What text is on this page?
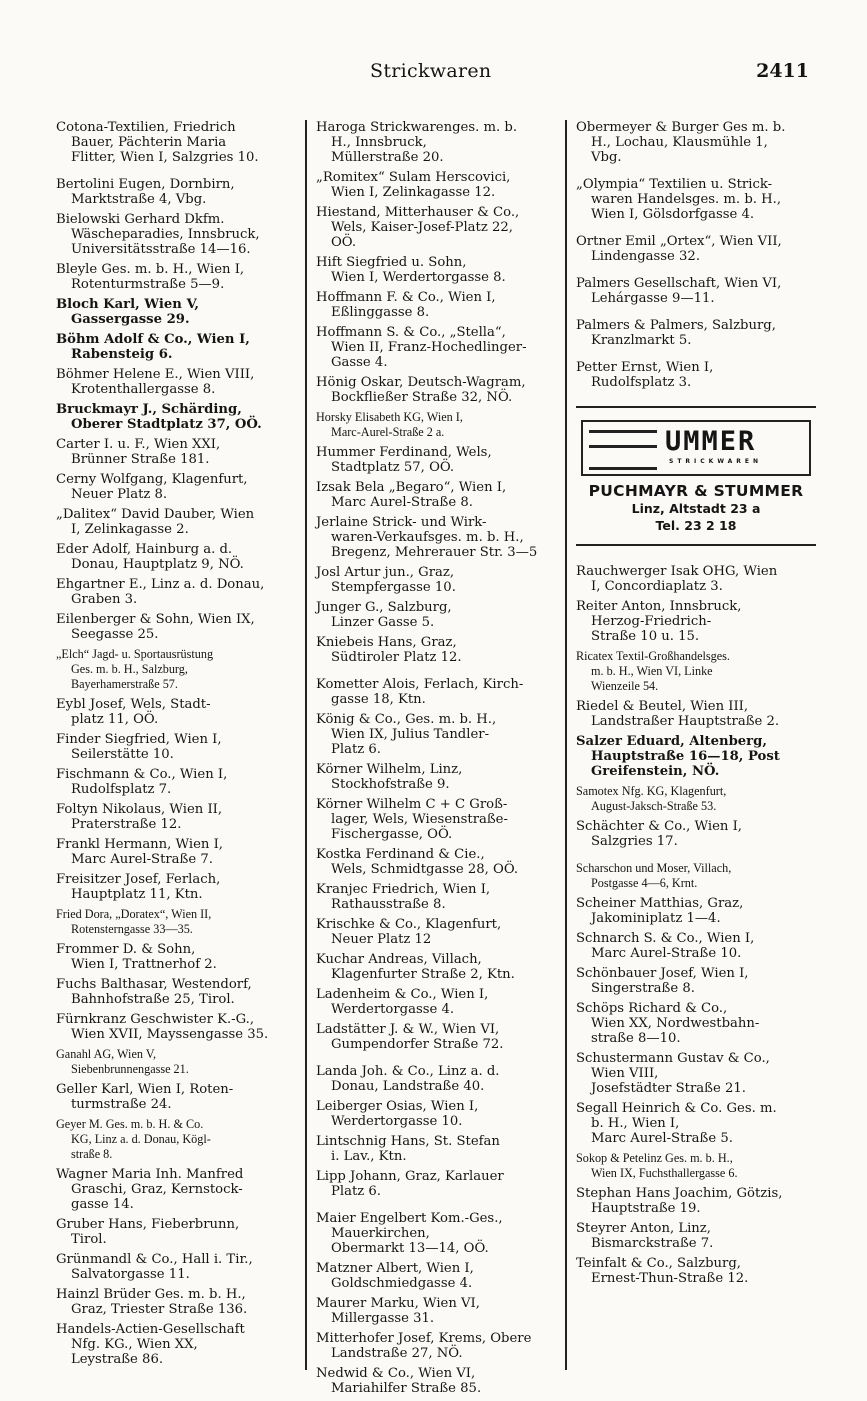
Strickwaren	2411

Cotona-Textilien, Friedrich

Bauer, Pächterin Maria

Flitter, Wien I, Salzgries 10.

Bertolini Eugen, Dornbirn,

Marktstraße 4, Vbg.

Bielowski Gerhard Dkfm.

Wäscheparadies, Innsbruck,

Universitätsstraße 14—16.

Bleyle Ges. m. b. H., Wien I,

Rotenturmstraße 5—9.

Bloch Karl, Wien V,

Gassergasse 29.

Böhm Adolf & Co., Wien I,

Rabensteig 6.

Böhmer Helene E., Wien VIII,

Krotenthallergasse 8.

Bruckmayr J., Schärding,

Oberer Stadtplatz 37, OÖ.

Carter I. u. F., Wien XXI,

Brünner Straße 181.

Cerny Wolfgang, Klagenfurt,

Neuer Platz 8.

„Dalitex“ David Dauber, Wien

I, Zelinkagasse 2.

Eder Adolf, Hainburg a. d.

Donau, Hauptplatz 9, NÖ.

Ehgartner E., Linz a. d. Donau,

Graben 3.

Eilenberger & Sohn, Wien IX,

Seegasse 25.

„Elch“ Jagd- u. Sportausrüstung

Ges. m. b. H., Salzburg,

Bayerhamerstraße 57.

Eybl Josef, Wels, Stadt-

platz 11, OÖ.

Finder Siegfried, Wien I,

Seilerstätte 10.

Fischmann & Co., Wien I,

Rudolfsplatz 7.

Foltyn Nikolaus, Wien II,

Praterstraße 12.

Frankl Hermann, Wien I,

Marc Aurel-Straße 7.

Freisitzer Josef, Ferlach,

Hauptplatz 11, Ktn.

Fried Dora, „Doratex“, Wien II,

Rotensterngasse 33—35.

Frommer D. & Sohn,

Wien I, Trattnerhof 2.

Fuchs Balthasar, Westendorf,

Bahnhofstraße 25, Tirol.

Fürnkranz Geschwister K.-G.,

Wien XVII, Mayssengasse 35.

Ganahl AG, Wien V,

Siebenbrunnengasse 21.

Geller Karl, Wien I, Roten-

turmstraße 24.

Geyer M. Ges. m. b. H. & Co.

KG, Linz a. d. Donau, Kögl-

straße 8.

Wagner Maria Inh. Manfred

Graschi, Graz, Kernstock-

gasse 14.

Gruber Hans, Fieberbrunn,

Tirol.

Grünmandl & Co., Hall i. Tir.,

Salvatorgasse 11.

Hainzl Brüder Ges. m. b. H.,

Graz, Triester Straße 136.

Handels-Actien-Gesellschaft

Nfg. KG., Wien XX,

Leystraße 86.

Haroga Strickwarenges. m. b.

H., Innsbruck,

Müllerstraße 20.

„Romitex“ Sulam Herscovici,

Wien I, Zelinkagasse 12.

Hiestand, Mitterhauser & Co.,

Wels, Kaiser-Josef-Platz 22,

OÖ.

Hift Siegfried u. Sohn,

Wien I, Werdertorgasse 8.

Hoffmann F. & Co., Wien I,

Eßlinggasse 8.

Hoffmann S. & Co., „Stella“,

Wien II, Franz-Hochedlinger-

Gasse 4.

Hönig Oskar, Deutsch-Wagram,

Bockfließer Straße 32, NÖ.

Horsky Elisabeth KG, Wien I,

Marc-Aurel-Straße 2 a.

Hummer Ferdinand, Wels,

Stadtplatz 57, OÖ.

Izsak Bela „Begaro“, Wien I,

Marc Aurel-Straße 8.

Jerlaine Strick- und Wirk-

waren-Verkaufsges. m. b. H.,

Bregenz, Mehrerauer Str. 3—5

Josl Artur jun., Graz,

Stempfergasse 10.

Junger G., Salzburg,

Linzer Gasse 5.

Kniebeis Hans, Graz,

Südtiroler Platz 12.

Kometter Alois, Ferlach, Kirch-

gasse 18, Ktn.

König & Co., Ges. m. b. H.,

Wien IX, Julius Tandler-

Platz 6.

Körner Wilhelm, Linz,

Stockhofstraße 9.

Körner Wilhelm C + C Groß-

lager, Wels, Wiesenstraße-

Fischergasse, OÖ.

Kostka Ferdinand & Cie.,

Wels, Schmidtgasse 28, OÖ.

Kranjec Friedrich, Wien I,

Rathausstraße 8.

Krischke & Co., Klagenfurt,

Neuer Platz 12

Kuchar Andreas, Villach,

Klagenfurter Straße 2, Ktn.

Ladenheim & Co., Wien I,

Werdertorgasse 4.

Ladstätter J. & W., Wien VI,

Gumpendorfer Straße 72.

Landa Joh. & Co., Linz a. d.

Donau, Landstraße 40.

Leiberger Osias, Wien I,

Werdertorgasse 10.

Lintschnig Hans, St. Stefan

i. Lav., Ktn.

Lipp Johann, Graz, Karlauer

Platz 6.

Maier Engelbert Kom.-Ges.,

Mauerkirchen,

Obermarkt 13—14, OÖ.

Matzner Albert, Wien I,

Goldschmiedgasse 4.

Maurer Marku, Wien VI,

Millergasse 31.

Mitterhofer Josef, Krems, Obere

Landstraße 27, NÖ.

Nedwid & Co., Wien VI,

Mariahilfer Straße 85.

Obermeyer & Burger Ges m. b.

H., Lochau, Klausmühle 1,

Vbg.

„Olympia“ Textilien u. Strick-

waren Handelsges. m. b. H.,

Wien I, Gölsdorfgasse 4.

Ortner Emil „Ortex“, Wien VII,

Lindengasse 32.

Palmers Gesellschaft, Wien VI,

Lehárgasse 9—11.

Palmers & Palmers, Salzburg,

Kranzlmarkt 5.

Petter Ernst, Wien I,

Rudolfsplatz 3.

UMMER
STRICKWAREN
PUCHMAYR & STUMMER
Linz, Altstadt 23 a
Tel. 23 2 18

Rauchwerger Isak OHG, Wien

I, Concordiaplatz 3.

Reiter Anton, Innsbruck,

Herzog-Friedrich-

Straße 10 u. 15.

Ricatex Textil-Großhandelsges.

m. b. H., Wien VI, Linke

Wienzeile 54.

Riedel & Beutel, Wien III,

Landstraßer Hauptstraße 2.

Salzer Eduard, Altenberg,

Hauptstraße 16—18, Post

Greifenstein, NÖ.

Samotex Nfg. KG, Klagenfurt,

August-Jaksch-Straße 53.

Schächter & Co., Wien I,

Salzgries 17.

Scharschon und Moser, Villach,

Postgasse 4—6, Krnt.

Scheiner Matthias, Graz,

Jakominiplatz 1—4.

Schnarch S. & Co., Wien I,

Marc Aurel-Straße 10.

Schönbauer Josef, Wien I,

Singerstraße 8.

Schöps Richard & Co.,

Wien XX, Nordwestbahn-

straße 8—10.

Schustermann Gustav & Co.,

Wien VIII,

Josefstädter Straße 21.

Segall Heinrich & Co. Ges. m.

b. H., Wien I,

Marc Aurel-Straße 5.

Sokop & Petelinz Ges. m. b. H.,

Wien IX, Fuchsthallergasse 6.

Stephan Hans Joachim, Götzis,

Hauptstraße 19.

Steyrer Anton, Linz,

Bismarckstraße 7.

Teinfalt & Co., Salzburg,

Ernest-Thun-Straße 12.
